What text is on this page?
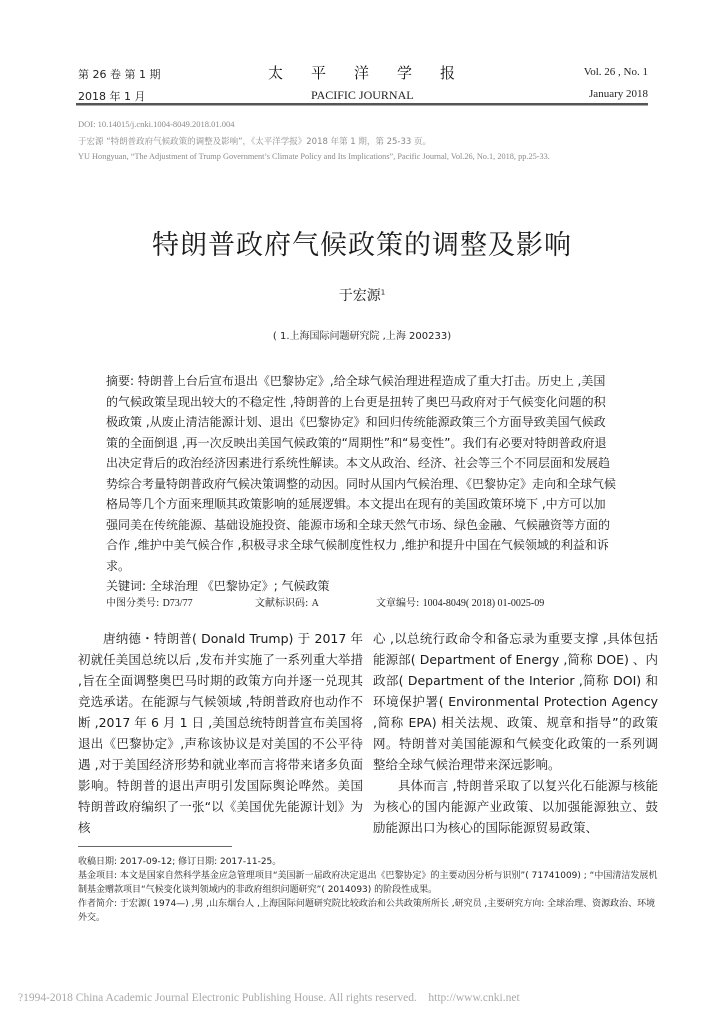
第 26 卷 第 1 期
2018 年 1 月
太平洋学报
PACIFIC JOURNAL
Vol. 26 , No. 1
January 2018
DOI: 10.14015/j.cnki.1004-8049.2018.01.004
于宏源 “特朗普政府气候政策的调整及影响”，《太平洋学报》2018 年第 1 期，第 25-33 页。
YU Hongyuan, “The Adjustment of Trump Government’s Climate Policy and Its Implications”, Pacific Journal, Vol.26, No.1, 2018, pp.25-33.
特朗普政府气候政策的调整及影响
于宏源$^1$
( 1.上海国际问题研究院 ,上海 200233)

摘要: 特朗普上台后宣布退出《巴黎协定》,给全球气候治理进程造成了重大打击。历史上 ,美国的气候政策呈现出较大的不稳定性 ,特朗普的上台更是扭转了奥巴马政府对于气候变化问题的积极政策 ,从废止清洁能源计划、退出《巴黎协定》和回归传统能源政策三个方面导致美国气候政策的全面倒退 ,再一次反映出美国气候政策的“周期性”和“易变性”。我们有必要对特朗普政府退出决定背后的政治经济因素进行系统性解读。本文从政治、经济、社会等三个不同层面和发展趋势综合考量特朗普政府气候决策调整的动因。同时从国内气候治理、《巴黎协定》走向和全球气候格局等几个方面来理顺其政策影响的延展逻辑。本文提出在现有的美国政策环境下 ,中方可以加强同美在传统能源、基础设施投资、能源市场和全球天然气市场、绿色金融、气候融资等方面的合作 ,维护中美气候合作 ,积极寻求全球气候制度性权力 ,维护和提升中国在气候领域的利益和诉求。

关键词: 全球治理 《巴黎协定》; 气候政策

中图分类号: D73/77	文献标识码: A	文章编号: 1004-8049( 2018) 01-0025-09

唐纳德・特朗普( Donald Trump) 于 2017 年初就任美国总统以后 ,发布并实施了一系列重大举措 ,旨在全面调整奥巴马时期的政策方向并逐一兑现其竞选承诺。在能源与气候领域 ,特朗普政府也动作不断 ,2017 年 6 月 1 日 ,美国总统特朗普宣布美国将退出《巴黎协定》,声称该协议是对美国的不公平待遇 ,对于美国经济形势和就业率而言将带来诸多负面影响。特朗普的退出声明引发国际舆论哗然。美国特朗普政府编织了一张“以《美国优先能源计划》为核

心 ,以总统行政命令和备忘录为重要支撑 ,具体包括能源部( Department of Energy ,简称 DOE) 、内政部( Department of the Interior ,简称 DOI) 和环境保护署( Environmental Protection Agency ,简称 EPA) 相关法规、政策、规章和指导”的政策网。特朗普对美国能源和气候变化政策的一系列调整给全球气候治理带来深远影响。

具体而言 ,特朗普采取了以复兴化石能源与核能为核心的国内能源产业政策、以加强能源独立、鼓励能源出口为核心的国际能源贸易政策、

收稿日期: 2017-09-12; 修订日期: 2017-11-25。

基金项目: 本文是国家自然科学基金应急管理项目“美国新一届政府决定退出《巴黎协定》的主要动因分析与识别”( 71741009) ; “中国清洁发展机制基金赠款项目“气候变化谈判领域内的非政府组织问题研究”( 2014093) 的阶段性成果。

作者简介: 于宏源( 1974—) ,男 ,山东烟台人 ,上海国际问题研究院比较政治和公共政策所所长 ,研究员 ,主要研究方向: 全球治理、资源政治、环境外交。

?1994-2018 China Academic Journal Electronic Publishing House. All rights reserved. http://www.cnki.net
